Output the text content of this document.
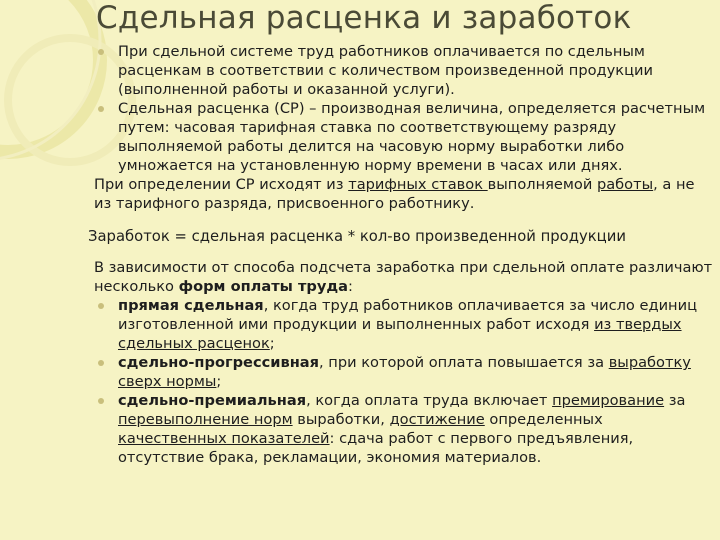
Сдельная расценка и заработок
При сдельной системе труд работников оплачивается по сдельным расценкам в соответствии с количеством произведенной продукции (выполненной работы и оказанной услуги).
Сдельная расценка (СР) – производная величина, определяется расчетным путем: часовая тарифная ставка по соответствующему разряду выполняемой работы делится на часовую норму выработки либо умножается на установленную норму времени в часах или днях.

При определении СР исходят из тарифных ставок выполняемой работы, а не из тарифного разряда, присвоенного работнику.

Заработок = сдельная расценка * кол-во произведенной продукции

В зависимости от способа подсчета заработка при сдельной оплате различают несколько форм оплаты труда:

прямая сдельная, когда труд работников оплачивается за число единиц изготовленной ими продукции и выполненных работ исходя из твердых сдельных расценок;
сдельно-прогрессивная, при которой оплата повышается за выработку сверх нормы;
сдельно-премиальная, когда оплата труда включает премирование за перевыполнение норм выработки, достижение определенных качественных показателей: сдача работ с первого предъявления, отсутствие брака, рекламации, экономия материалов.
